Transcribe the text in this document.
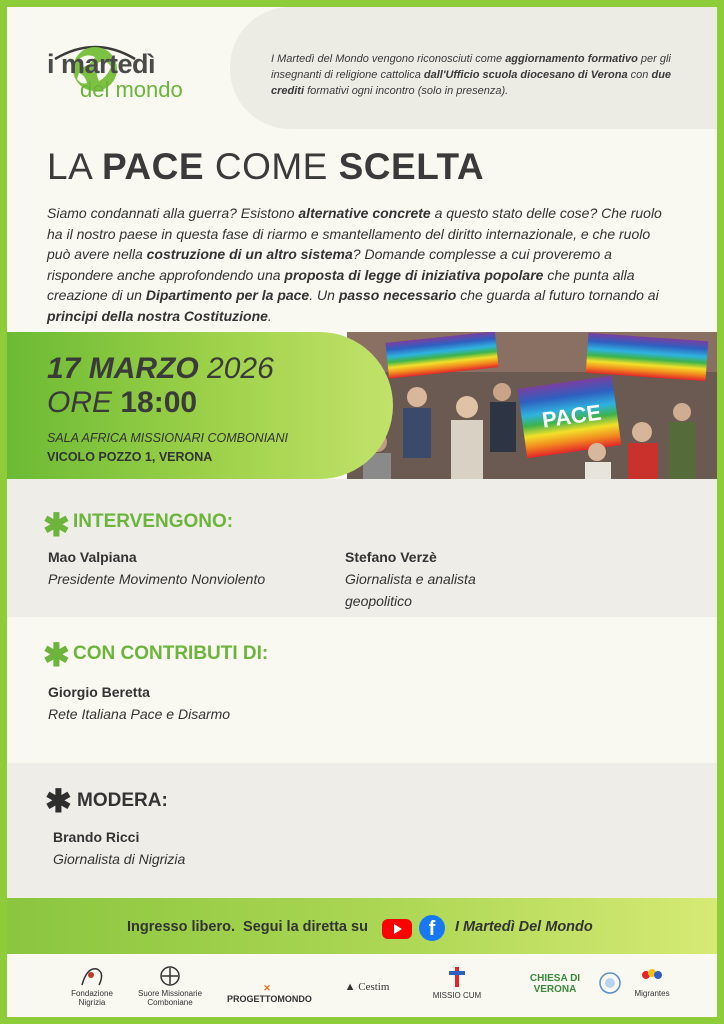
i martedì
del mondo
I Martedì del Mondo vengono riconosciuti come aggiornamento formativo per gli insegnanti di religione cattolica dall'Ufficio scuola diocesano di Verona con due crediti formativi ogni incontro (solo in presenza).
LA PACE COME SCELTA
Siamo condannati alla guerra? Esistono alternative concrete a questo stato delle cose? Che ruolo ha il nostro paese in questa fase di riarmo e smantellamento del diritto internazionale, e che ruolo può avere nella costruzione di un altro sistema? Domande complesse a cui proveremo a rispondere anche approfondendo una proposta di legge di iniziativa popolare che punta alla creazione di un Dipartimento per la pace. Un passo necessario che guarda al futuro tornando ai principi della nostra Costituzione.
PACE
17 MARZO 2026
ORE 18:00
SALA AFRICA MISSIONARI COMBONIANI
VICOLO POZZO 1, VERONA
✱ INTERVENGONO:
Mao Valpiana
Presidente Movimento Nonviolento
Stefano Verzè
Giornalista e analista geopolitico
✱ CON CONTRIBUTI DI:
Giorgio Beretta
Rete Italiana Pace e Disarmo
✱ MODERA:
Brando Ricci
Giornalista di Nigrizia
Ingresso libero. Segui la diretta su	f	I Martedì Del Mondo
Fondazione Nigrizia
Suore Missionarie Comboniane
✕ PROGETTOMONDO
▲ Cestim
MISSIO CUM
CHIESA DI VERONA	Migrantes
